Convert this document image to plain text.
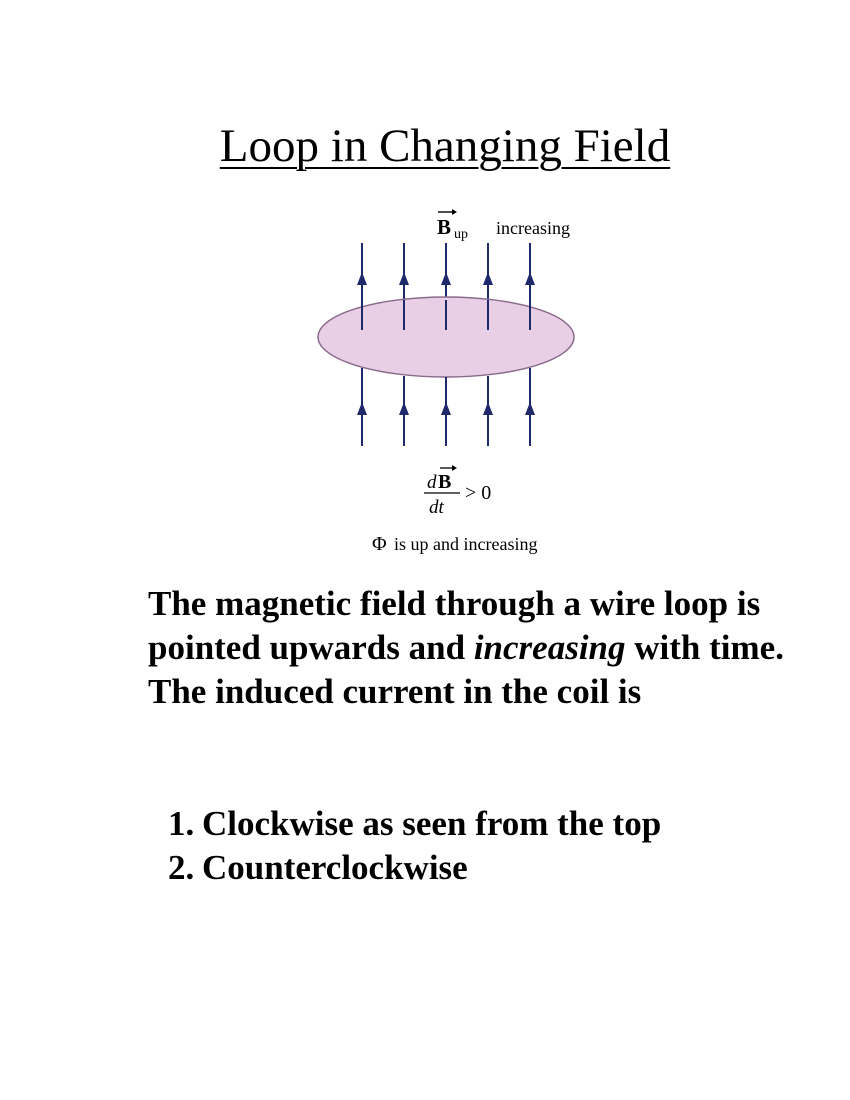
Loop in Changing Field
B up increasing
d B
dt
> 0
Φ is up and increasing
The magnetic field through a wire loop is pointed upwards and increasing with time. The induced current in the coil is
1. Clockwise as seen from the top
2. Counterclockwise
